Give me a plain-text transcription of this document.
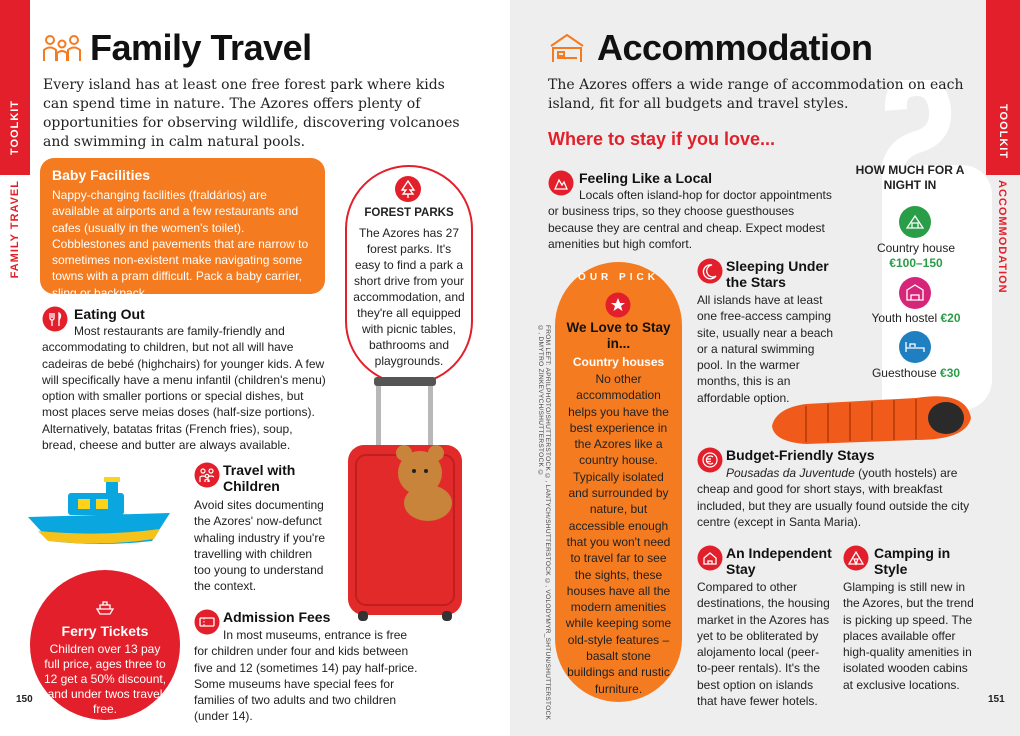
TOOLKIT
FAMILY TRAVEL
Family Travel
Every island has at least one free forest park where kids can spend time in nature. The Azores offers plenty of opportunities for observing wildlife, discovering volcanoes and swimming in calm natural pools.
Baby Facilities
Nappy-changing facilities (fraldários) are available at airports and a few restaurants and cafes (usually in the women's toilet). Cobblestones and pavements that are narrow to sometimes non-existent make navigating some towns with a pram difficult. Pack a baby carrier, sling or backpack.
FOREST PARKS
The Azores has 27 forest parks. It's easy to find a park a short drive from your accommodation, and they're all equipped with picnic tables, bathrooms and playgrounds.
Eating Out
Most restaurants are family-friendly and accommodating to children, but not all will have cadeiras de bebé (highchairs) for younger kids. A few will specifically have a menu infantil (children's menu) option with smaller portions or special dishes, but most places serve meias doses (half-size portions). Alternatively, batatas fritas (French fries), soup, bread, cheese and butter are always available.
Travel with Children
Avoid sites documenting the Azores' now-defunct whaling industry if you're travelling with children too young to understand the context.
Ferry Tickets
Children over 13 pay full price, ages three to 12 get a 50% discount, and under twos travel free.
Admission Fees
In most museums, entrance is free for children under four and kids between five and 12 (sometimes 14) pay half-price. Some museums have special fees for families of two adults and two children (under 14).
150
TOOLKIT
ACCOMMODATION
Accommodation
The Azores offers a wide range of accommodation on each island, fit for all budgets and travel styles.
Where to stay if you love...
Feeling Like a Local
Locals often island-hop for doctor appointments or business trips, so they choose guesthouses because they are central and cheap. Expect modest amenities but high comfort.
OUR PICK
We Love to Stay in...
Country houses
No other accommodation helps you have the best experience in the Azores like a country house. Typically isolated and surrounded by nature, but accessible enough that you won't need to travel far to see the sights, these houses have all the modern amenities while keeping some old-style features – basalt stone buildings and rustic furniture.
FROM LEFT: APRILPHOTO/SHUTTERSTOCK ©, LANTYCH/SHUTTERSTOCK ©, VOLODYMYR_SHTUN/SHUTTERSTOCK ©, DMYTRO ZINKEVYCH/SHUTTERSTOCK ©
Sleeping Under the Stars
All islands have at least one free-access camping site, usually near a beach or a natural swimming pool. In the warmer months, this is an affordable option.
HOW MUCH FOR A NIGHT IN
Country house
€100–150
Youth hostel €20
Guesthouse €30
Budget-Friendly Stays
Pousadas da Juventude (youth hostels) are cheap and good for short stays, with breakfast included, but they are usually found outside the city centre (except in Santa Maria).
An Independent Stay
Compared to other destinations, the housing market in the Azores has yet to be obliterated by alojamento local (peer-to-peer rentals). It's the best option on islands that have fewer hotels.
Camping in Style
Glamping is still new in the Azores, but the trend is picking up speed. The places available offer high-quality amenities in isolated wooden cabins at exclusive locations.
151
